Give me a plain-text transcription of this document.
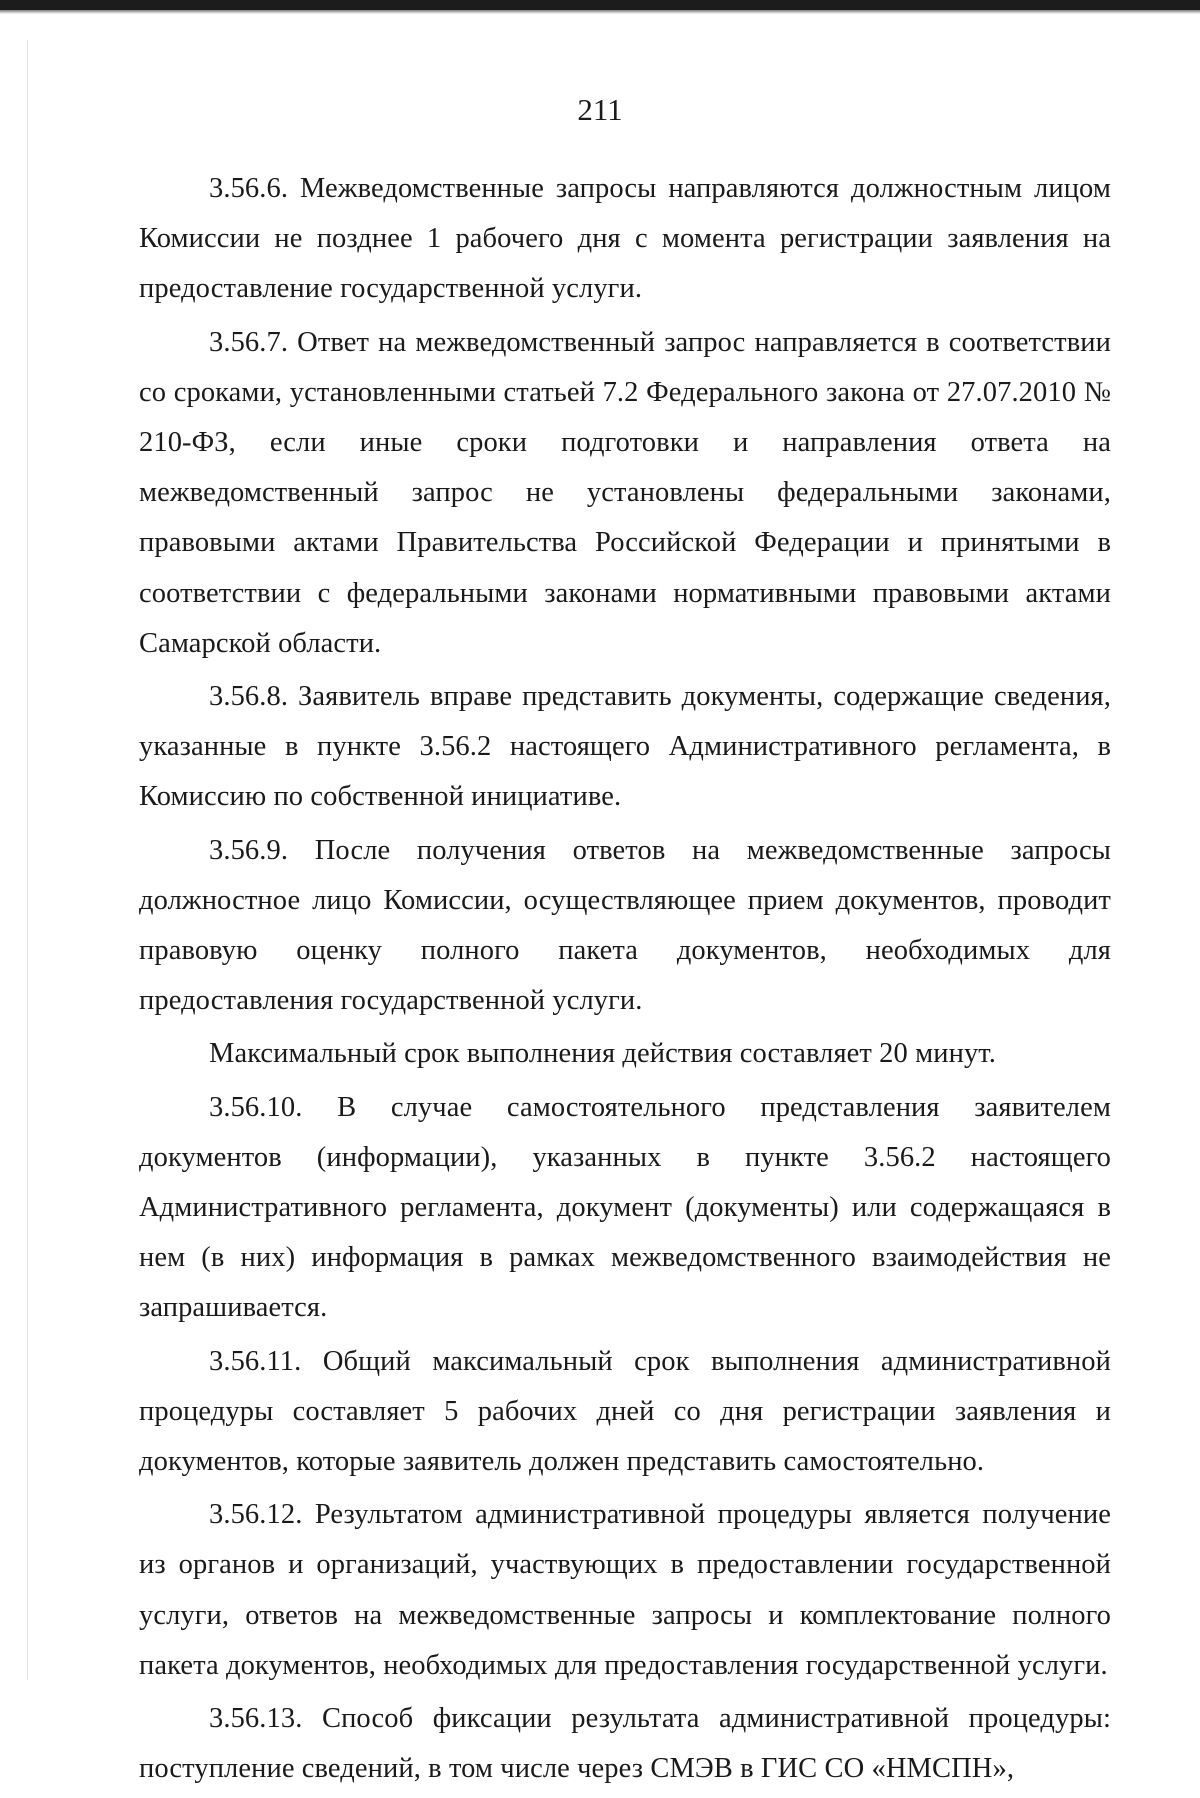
211

3.56.6. Межведомственные запросы направляются должностным лицом Комиссии не позднее 1 рабочего дня с момента регистрации заявления на предоставление государственной услуги.

3.56.7. Ответ на межведомственный запрос направляется в соответствии со сроками, установленными статьей 7.2 Федерального закона от 27.07.2010 № 210-ФЗ, если иные сроки подготовки и направления ответа на межведомственный запрос не установлены федеральными законами, правовыми актами Правительства Российской Федерации и принятыми в соответствии с федеральными законами нормативными правовыми актами Самарской области.

3.56.8. Заявитель вправе представить документы, содержащие сведения, указанные в пункте 3.56.2 настоящего Административного регламента, в Комиссию по собственной инициативе.

3.56.9. После получения ответов на межведомственные запросы должностное лицо Комиссии, осуществляющее прием документов, проводит правовую оценку полного пакета документов, необходимых для предоставления государственной услуги.

Максимальный срок выполнения действия составляет 20 минут.

3.56.10. В случае самостоятельного представления заявителем документов (информации), указанных в пункте 3.56.2 настоящего Административного регламента, документ (документы) или содержащаяся в нем (в них) информация в рамках межведомственного взаимодействия не запрашивается.

3.56.11. Общий максимальный срок выполнения административной процедуры составляет 5 рабочих дней со дня регистрации заявления и документов, которые заявитель должен представить самостоятельно.

3.56.12. Результатом административной процедуры является получение из органов и организаций, участвующих в предоставлении государственной услуги, ответов на межведомственные запросы и комплектование полного пакета документов, необходимых для предоставления государственной услуги.

3.56.13. Способ фиксации результата административной процедуры: поступление сведений, в том числе через СМЭВ в ГИС СО «НМСПН»,
